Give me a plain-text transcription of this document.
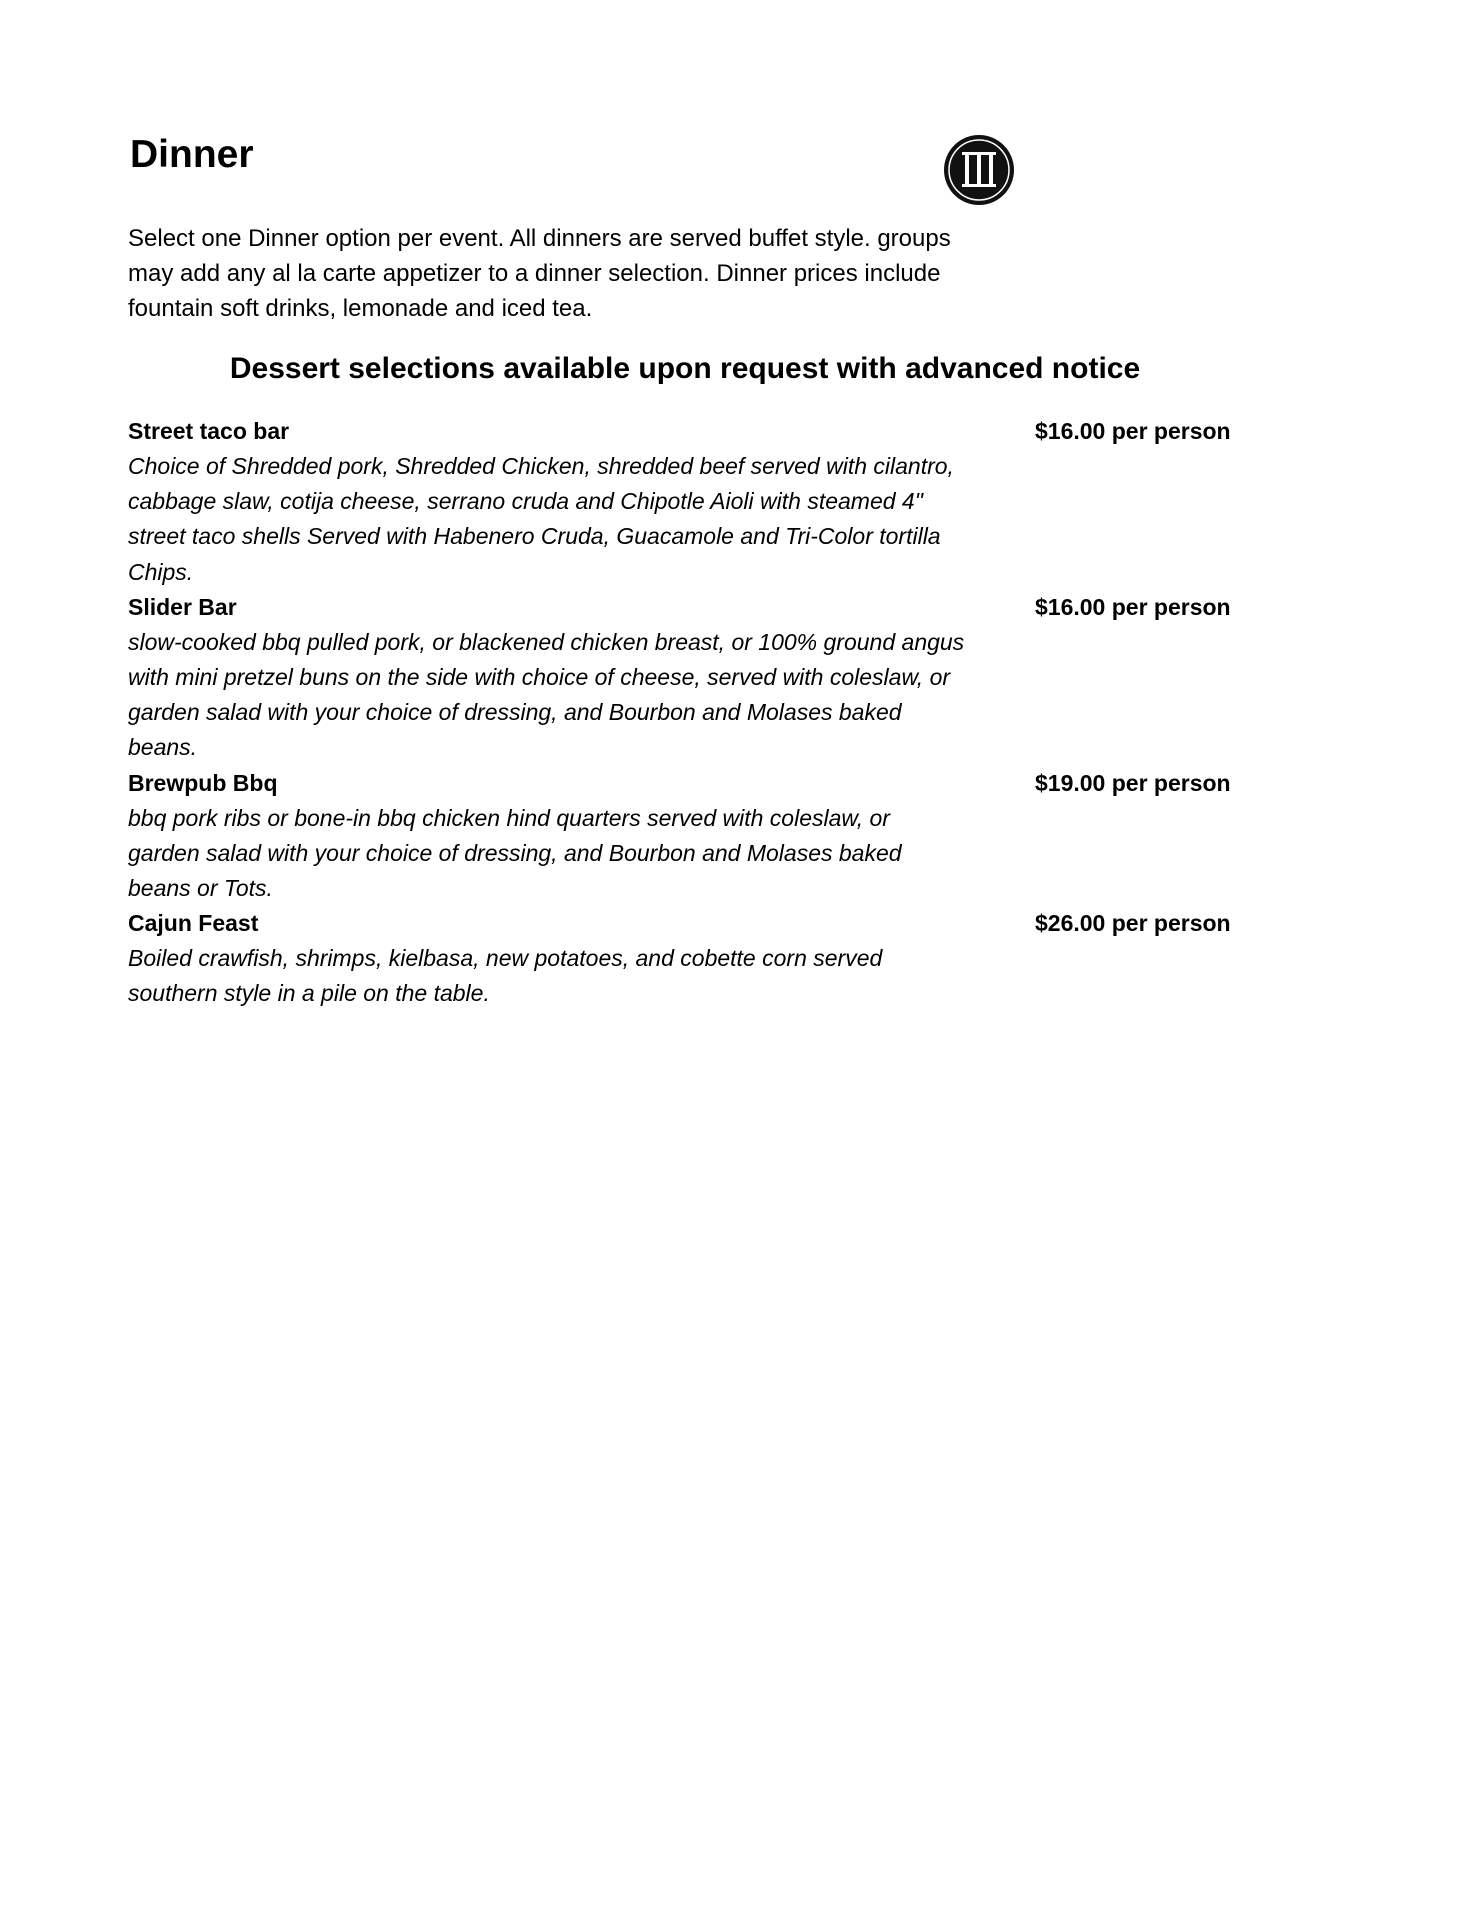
Dinner
Select one Dinner option per event. All dinners are served buffet style. groups
may add any al la carte appetizer to a dinner selection. Dinner prices include
fountain soft drinks, lemonade and iced tea.
Dessert selections available upon request with advanced notice
Street taco bar	$16.00 per person
Choice of Shredded pork, Shredded Chicken, shredded beef served with cilantro,
cabbage slaw, cotija cheese, serrano cruda and Chipotle Aioli with steamed 4"
street taco shells Served with Habenero Cruda, Guacamole and Tri-Color tortilla
Chips.
Slider Bar	$16.00 per person
slow-cooked bbq pulled pork, or blackened chicken breast, or 100% ground angus
with mini pretzel buns on the side with choice of cheese, served with coleslaw, or
garden salad with your choice of dressing, and Bourbon and Molases baked
beans.
Brewpub Bbq	$19.00 per person
bbq pork ribs or bone-in bbq chicken hind quarters served with coleslaw, or
garden salad with your choice of dressing, and Bourbon and Molases baked
beans or Tots.
Cajun Feast	$26.00 per person
Boiled crawfish, shrimps, kielbasa, new potatoes, and cobette corn served
southern style in a pile on the table.
